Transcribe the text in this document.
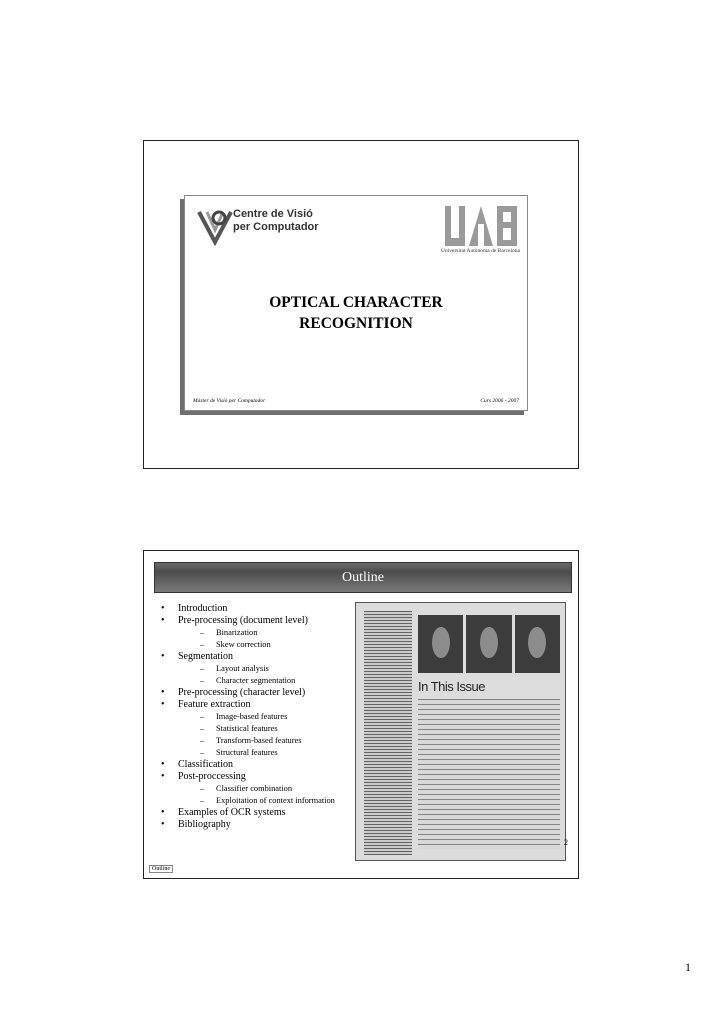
Centre de Visió
per Computador
Universitat Autònoma de Barcelona
OPTICAL CHARACTER
RECOGNITION
Màster de Visió per Computador	Curs 2006 - 2007
Outline
• Introduction
• Pre-processing (document level)
– Binarization
– Skew correction
• Segmentation
– Layout analysis
– Character segmentation
• Pre-processing (character level)
• Feature extraction
– Image-based features
– Statistical features
– Transform-based features
– Structural features
• Classification
• Post-proccessing
– Classifier combination
– Exploitation of context information
• Examples of OCR systems
• Bibliography
In This Issue
2
Outline
1
